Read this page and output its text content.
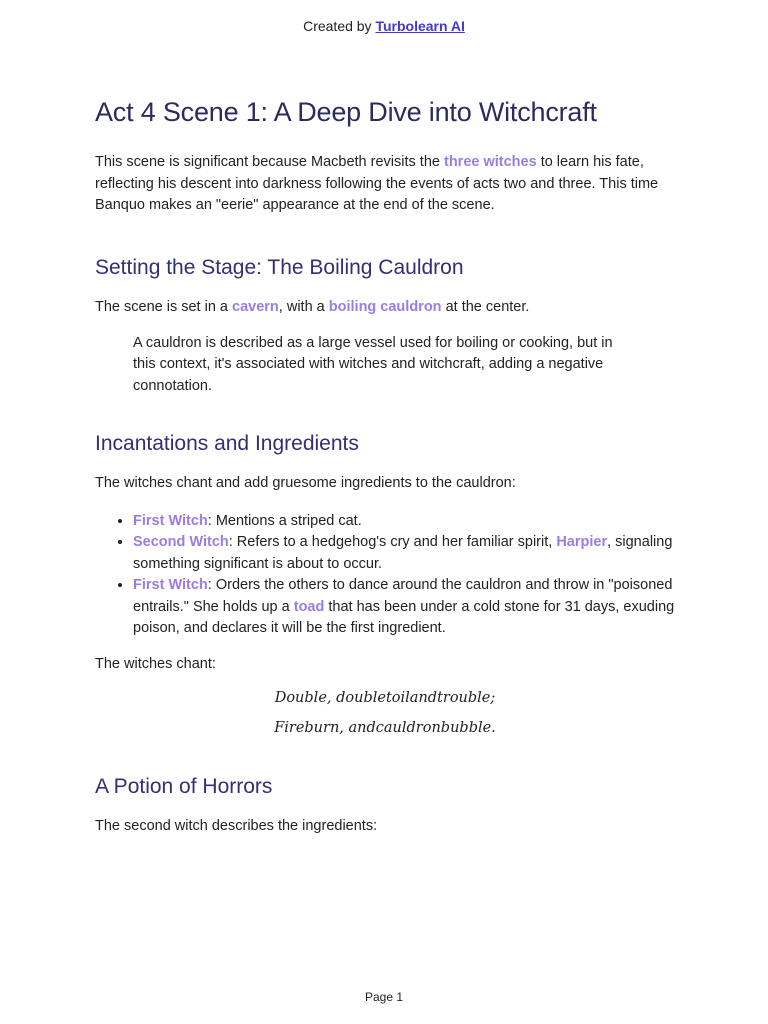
Created by Turbolearn AI
Act 4 Scene 1: A Deep Dive into Witchcraft

This scene is significant because Macbeth revisits the three witches to learn his fate, reflecting his descent into darkness following the events of acts two and three. This time Banquo makes an "eerie" appearance at the end of the scene.

Setting the Stage: The Boiling Cauldron

The scene is set in a cavern, with a boiling cauldron at the center.

A cauldron is described as a large vessel used for boiling or cooking, but in this context, it's associated with witches and witchcraft, adding a negative connotation.

Incantations and Ingredients

The witches chant and add gruesome ingredients to the cauldron:

• First Witch: Mentions a striped cat.
• Second Witch: Refers to a hedgehog's cry and her familiar spirit, Harpier, signaling something significant is about to occur.
• First Witch: Orders the others to dance around the cauldron and throw in "poisoned entrails." She holds up a toad that has been under a cold stone for 31 days, exuding poison, and declares it will be the first ingredient.

The witches chant:

Double, doubletoilandtrouble;
Fireburn, andcauldronbubble.
A Potion of Horrors

The second witch describes the ingredients:

Page 1
